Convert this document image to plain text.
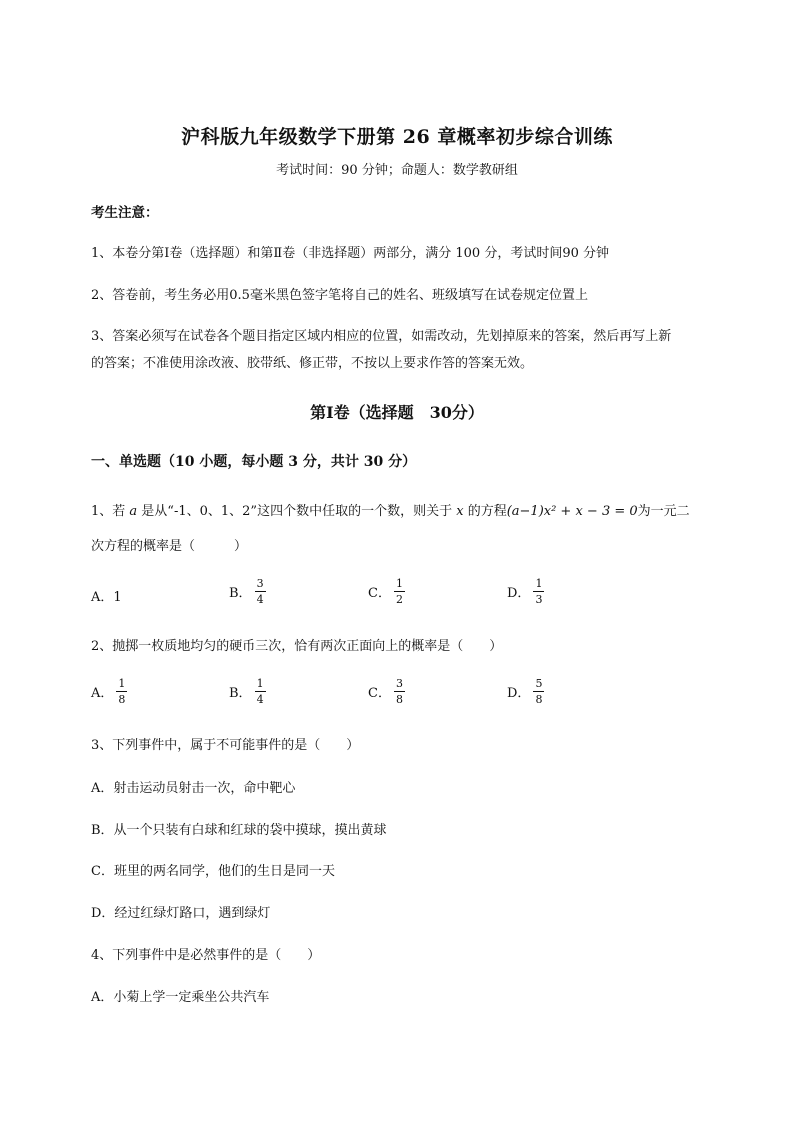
沪科版九年级数学下册第 26 章概率初步综合训练
考试时间：90 分钟；命题人：数学教研组
考生注意：
1、本卷分第Ⅰ卷（选择题）和第Ⅱ卷（非选择题）两部分，满分 100 分，考试时间90 分钟
2、答卷前，考生务必用0.5毫米黑色签字笔将自己的姓名、班级填写在试卷规定位置上
3、答案必须写在试卷各个题目指定区域内相应的位置，如需改动，先划掉原来的答案，然后再写上新
的答案；不准使用涂改液、胶带纸、修正带，不按以上要求作答的答案无效。
第Ⅰ卷（选择题　30分）
一、单选题（10 小题，每小题 3 分，共计 30 分）
1、若 a 是从“-1、0、1、2”这四个数中任取的一个数，则关于 x 的方程(a−1)x² + x − 3 = 0为一元二
次方程的概率是（　　　）
A．1	B． $\frac{3}{4}$	C． $\frac{1}{2}$	D． $\frac{1}{3}$
2、抛掷一枚质地均匀的硬币三次，恰有两次正面向上的概率是（　　）
A． $\frac{1}{8}$	B． $\frac{1}{4}$	C． $\frac{3}{8}$	D． $\frac{5}{8}$
3、下列事件中，属于不可能事件的是（　　）
A．射击运动员射击一次，命中靶心
B．从一个只装有白球和红球的袋中摸球，摸出黄球
C．班里的两名同学，他们的生日是同一天
D．经过红绿灯路口，遇到绿灯
4、下列事件中是必然事件的是（　　）
A．小菊上学一定乘坐公共汽车
